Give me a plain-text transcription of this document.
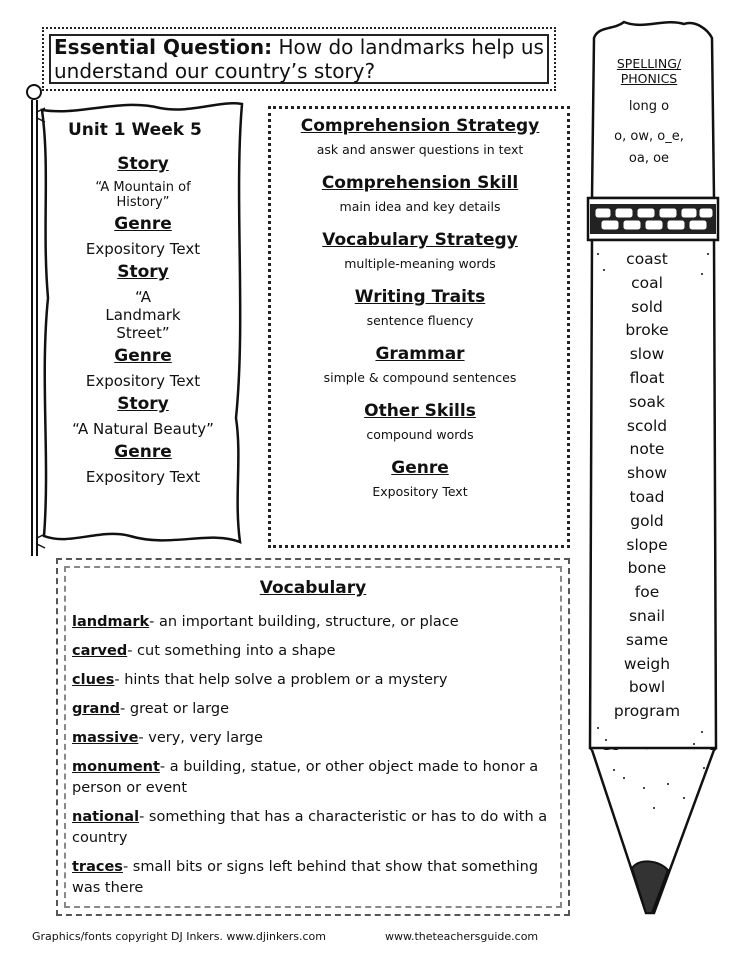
Essential Question: How do landmarks help us
understand our country’s story?
Unit 1 Week 5
Story
“A Mountain of History”
Genre
Expository Text
Story
“A Landmark Street”
Genre
Expository Text
Story
“A Natural Beauty”
Genre
Expository Text
Comprehension Strategy
ask and answer questions in text
Comprehension Skill
main idea and key details
Vocabulary Strategy
multiple-meaning words
Writing Traits
sentence fluency
Grammar
simple & compound sentences
Other Skills
compound words
Genre
Expository Text
Vocabulary
landmark- an important building, structure, or place
carved- cut something into a shape
clues- hints that help solve a problem or a mystery
grand- great or large
massive- very, very large
monument- a building, statue, or other object made to honor a person or event
national- something that has a characteristic or has to do with a country
traces- small bits or signs left behind that show that something was there
SPELLING/
PHONICS
long o
o, ow, o_e,
oa, oe
coast
coal
sold
broke
slow
float
soak
scold
note
show
toad
gold
slope
bone
foe
snail
same
weigh
bowl
program
Graphics/fonts copyright DJ Inkers. www.djinkers.com	www.theteachersguide.com
